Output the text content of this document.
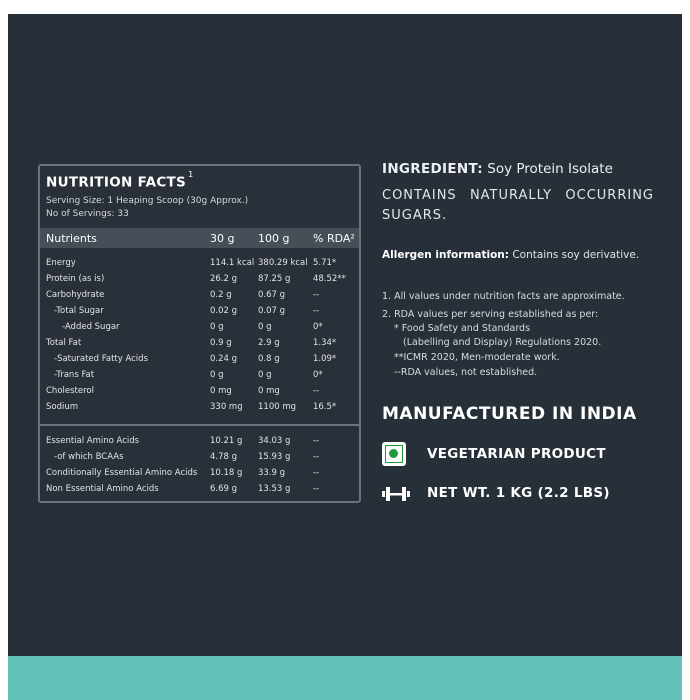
NUTRITION FACTS $^1$
Serving Size: 1 Heaping Scoop (30g Approx.)
No of Servings: 33
Nutrients	30 g 100 g % RDA²
Energy	114.1 kcal 380.29 kcal 5.71*
Protein (as is)	26.2 g 87.25 g	48.52**
Carbohydrate	0.2 g	0.67 g	--
-Total Sugar	0.02 g 0.07 g	--
-Added Sugar	0 g	0 g	0*
Total Fat	0.9 g	2.9 g	1.34*
-Saturated Fatty Acids	0.24 g 0.8 g	1.09*
-Trans Fat	0 g	0 g	0*
Cholesterol	0 mg	0 mg	--
Sodium	330 mg 1100 mg 16.5*
Essential Amino Acids	10.21 g 34.03 g	--
-of which BCAAs	4.78 g 15.93 g	--
Conditionally Essential Amino Acids 10.18 g 33.9 g	--
Non Essential Amino Acids	6.69 g 13.53 g	--
INGREDIENT: Soy Protein Isolate
CONTAINS NATURALLY OCCURRING SUGARS.
Allergen information: Contains soy derivative.
1. All values under nutrition facts are approximate.
2. RDA values per serving established as per:
* Food Safety and Standards
(Labelling and Display) Regulations 2020.
**ICMR 2020, Men-moderate work.
--RDA values, not established.
MANUFACTURED IN INDIA
VEGETARIAN PRODUCT
NET WT. 1 KG (2.2 LBS)
